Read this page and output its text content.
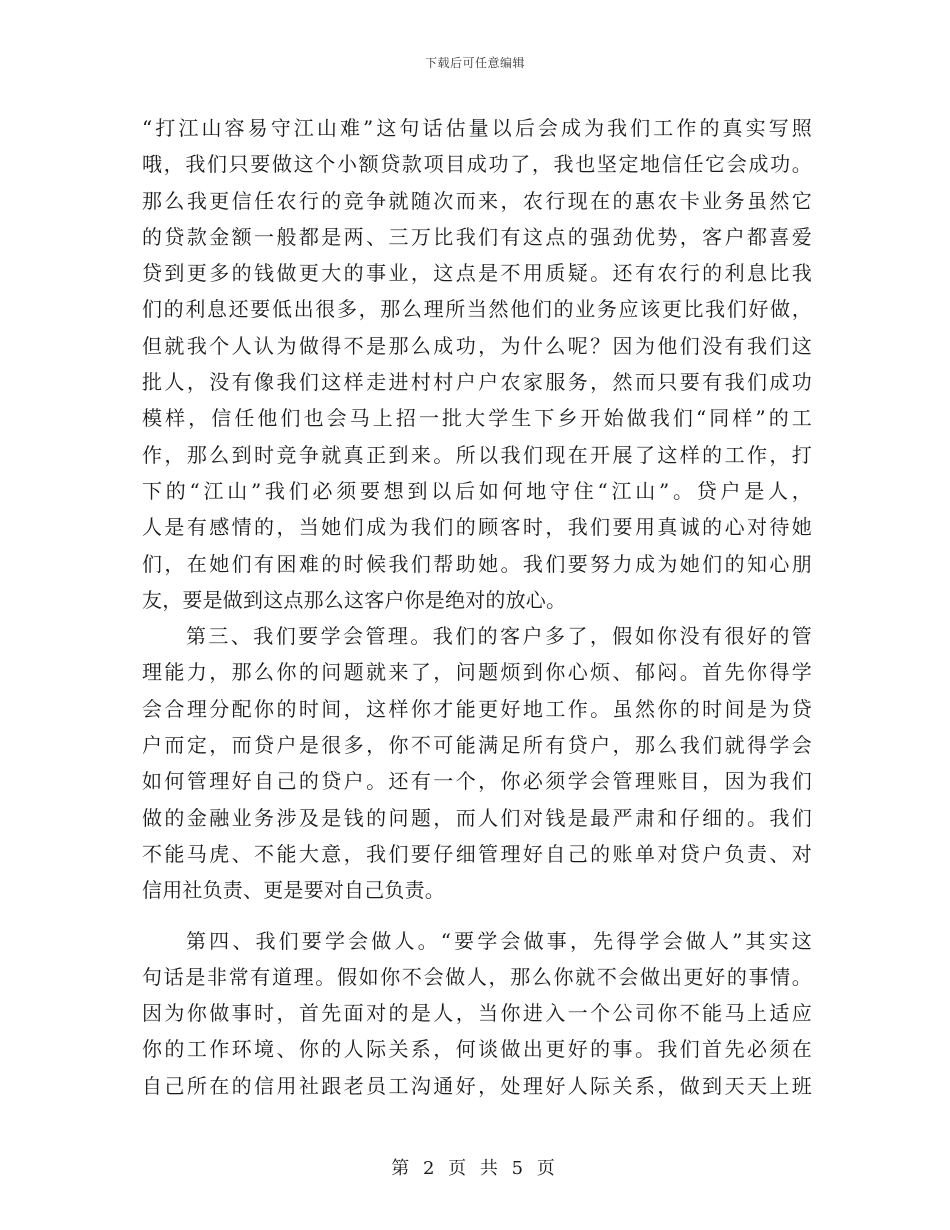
下载后可任意编辑
“打江山容易守江山难”这句话估量以后会成为我们工作的真实写照
哦，我们只要做这个小额贷款项目成功了，我也坚定地信任它会成功。
那么我更信任农行的竞争就随次而来，农行现在的惠农卡业务虽然它
的贷款金额一般都是两、三万比我们有这点的强劲优势，客户都喜爱
贷到更多的钱做更大的事业，这点是不用质疑。还有农行的利息比我
们的利息还要低出很多，那么理所当然他们的业务应该更比我们好做，
但就我个人认为做得不是那么成功，为什么呢？因为他们没有我们这
批人，没有像我们这样走进村村户户农家服务，然而只要有我们成功
模样，信任他们也会马上招一批大学生下乡开始做我们“同样”的工
作，那么到时竞争就真正到来。所以我们现在开展了这样的工作，打
下的“江山”我们必须要想到以后如何地守住“江山”。贷户是人，
人是有感情的，当她们成为我们的顾客时，我们要用真诚的心对待她
们，在她们有困难的时候我们帮助她。我们要努力成为她们的知心朋
友，要是做到这点那么这客户你是绝对的放心。
第三、我们要学会管理。我们的客户多了，假如你没有很好的管
理能力，那么你的问题就来了，问题烦到你心烦、郁闷。首先你得学
会合理分配你的时间，这样你才能更好地工作。虽然你的时间是为贷
户而定，而贷户是很多，你不可能满足所有贷户，那么我们就得学会
如何管理好自己的贷户。还有一个，你必须学会管理账目，因为我们
做的金融业务涉及是钱的问题，而人们对钱是最严肃和仔细的。我们
不能马虎、不能大意，我们要仔细管理好自己的账单对贷户负责、对
信用社负责、更是要对自己负责。
第四、我们要学会做人。“要学会做事，先得学会做人”其实这
句话是非常有道理。假如你不会做人，那么你就不会做出更好的事情。
因为你做事时，首先面对的是人，当你进入一个公司你不能马上适应
你的工作环境、你的人际关系，何谈做出更好的事。我们首先必须在
自己所在的信用社跟老员工沟通好，处理好人际关系，做到天天上班
第 2 页 共 5 页
